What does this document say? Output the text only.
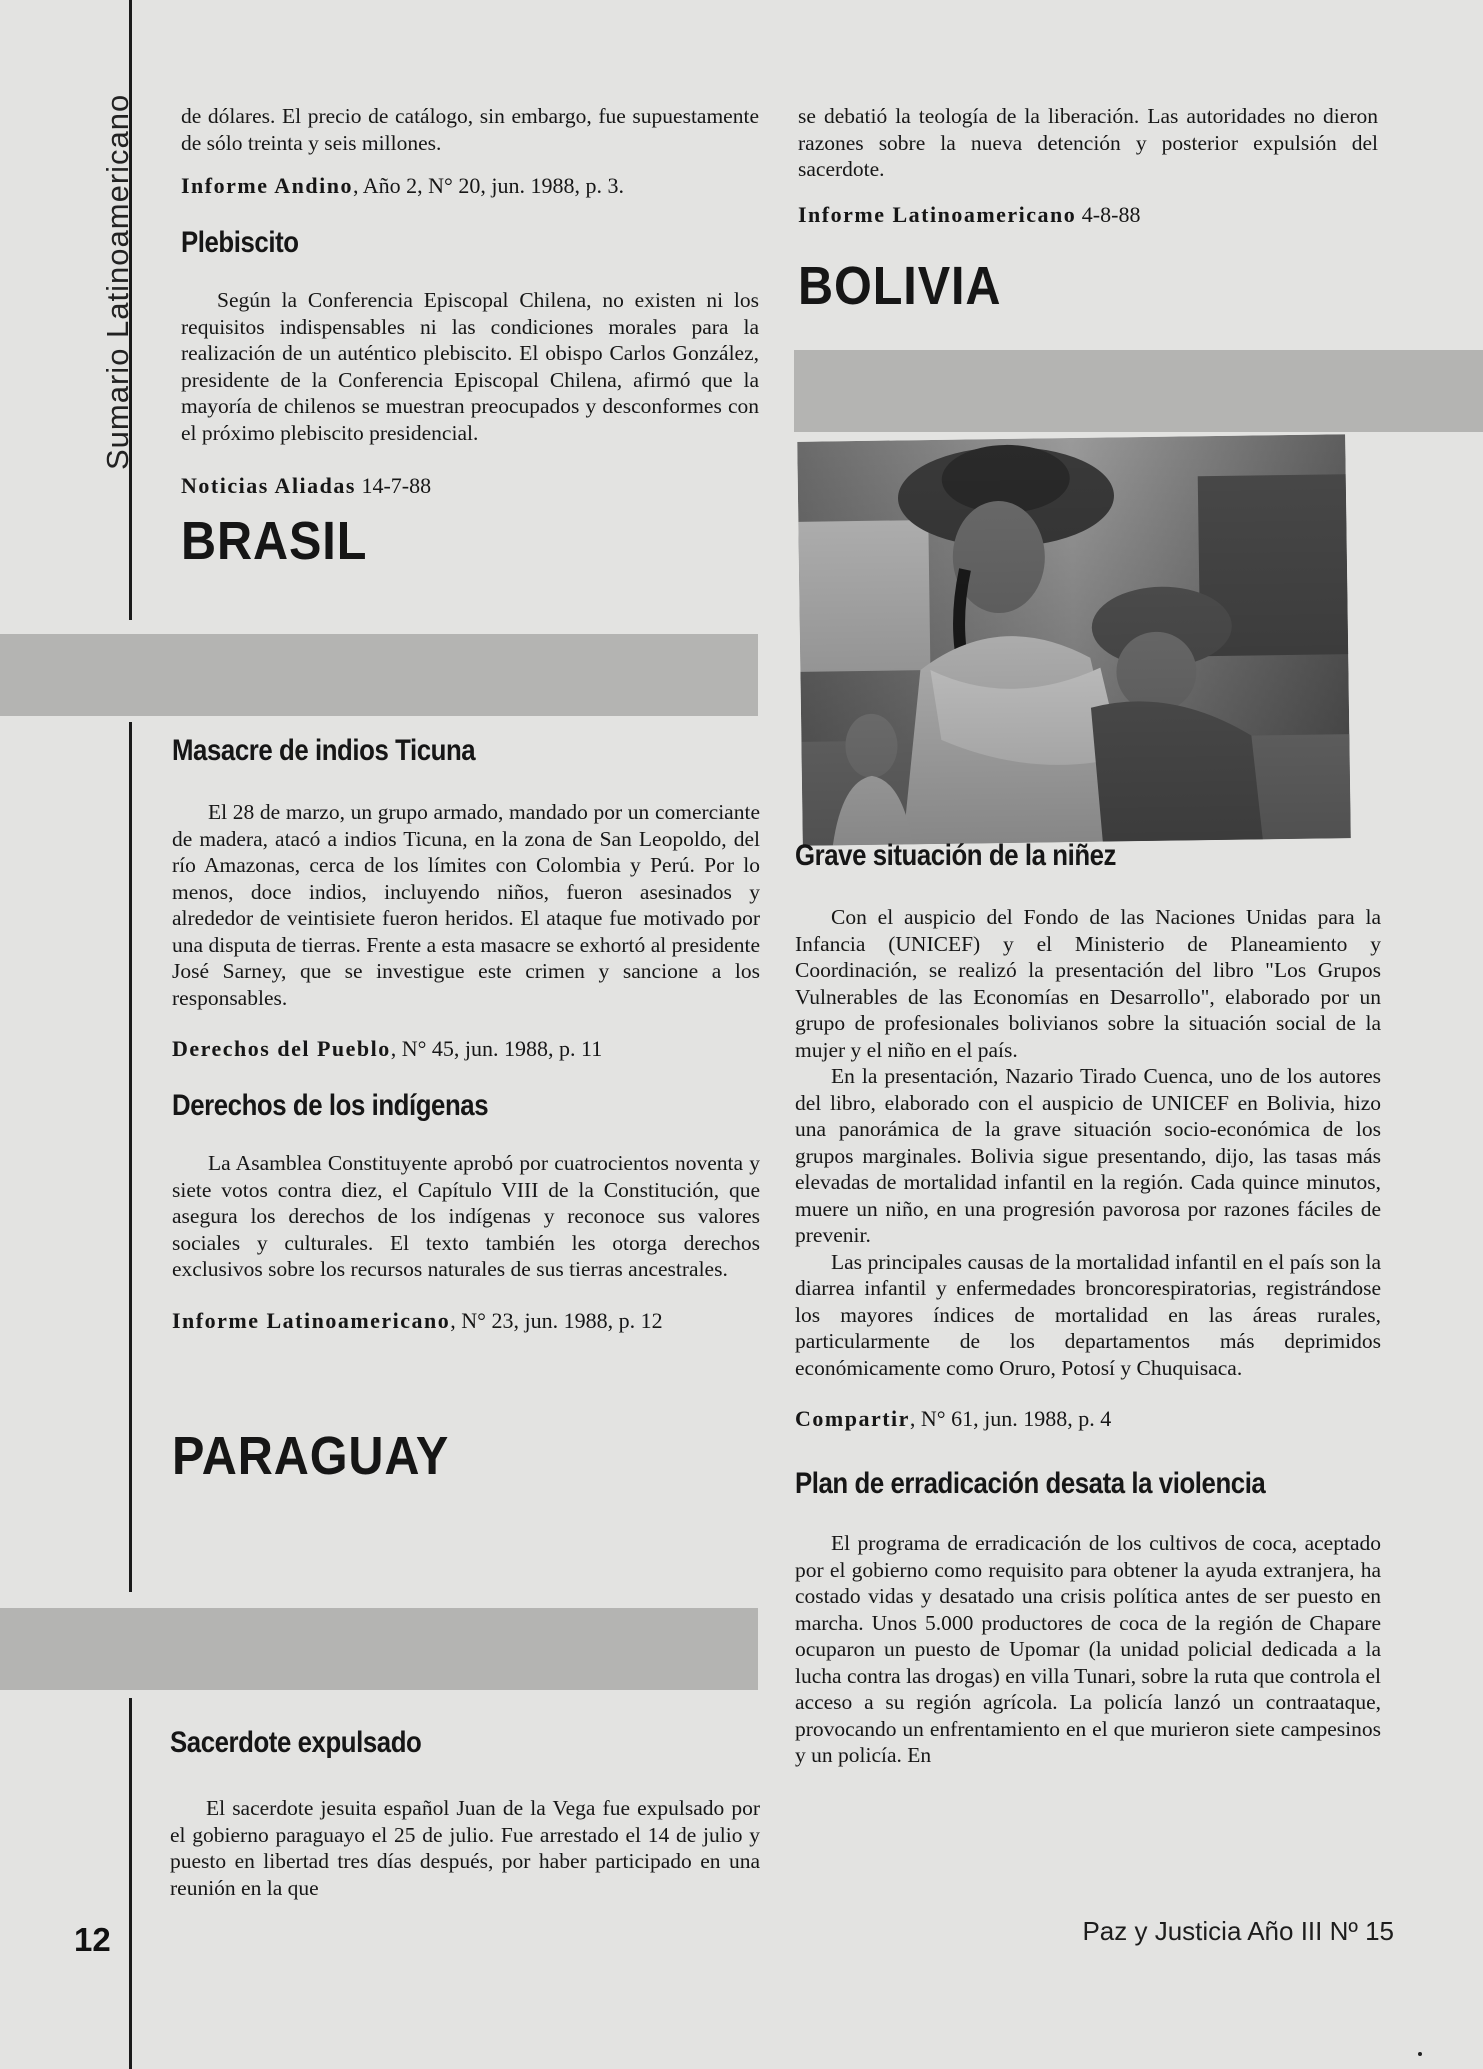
Sumario Latinoamericano de dólares. El precio de catálogo, sin embargo, fue supuestamente de sólo treinta y seis millones.

Informe Andino, Año 2, N° 20, jun. 1988, p. 3.

Plebiscito

Según la Conferencia Episcopal Chilena, no existen ni los requisitos indispensables ni las condiciones morales para la realización de un auténtico plebiscito. El obispo Carlos González, presidente de la Conferencia Episcopal Chilena, afirmó que la mayoría de chilenos se muestran preocupados y desconformes con el próximo plebiscito presidencial.

Noticias Aliadas 14-7-88

BRASIL
Masacre de indios Ticuna

El 28 de marzo, un grupo armado, mandado por un comerciante de madera, atacó a indios Ticuna, en la zona de San Leopoldo, del río Amazonas, cerca de los límites con Colombia y Perú. Por lo menos, doce indios, incluyendo niños, fueron asesinados y alrededor de veintisiete fueron heridos. El ataque fue motivado por una disputa de tierras. Frente a esta masacre se exhortó al presidente José Sarney, que se investigue este crimen y sancione a los responsables.

Derechos del Pueblo, N° 45, jun. 1988, p. 11

Derechos de los indígenas

La Asamblea Constituyente aprobó por cuatrocientos noventa y siete votos contra diez, el Capítulo VIII de la Constitución, que asegura los derechos de los indígenas y reconoce sus valores sociales y culturales. El texto también les otorga derechos exclusivos sobre los recursos naturales de sus tierras ancestrales.

Informe Latinoamericano, N° 23, jun. 1988, p. 12

PARAGUAY
Sacerdote expulsado

El sacerdote jesuita español Juan de la Vega fue expulsado por el gobierno paraguayo el 25 de julio. Fue arrestado el 14 de julio y puesto en libertad tres días después, por haber participado en una reunión en la que

se debatió la teología de la liberación. Las autoridades no dieron razones sobre la nueva detención y posterior expulsión del sacerdote.

Informe Latinoamericano 4-8-88

BOLIVIA
Grave situación de la niñez

Con el auspicio del Fondo de las Naciones Unidas para la Infancia (UNICEF) y el Ministerio de Planeamiento y Coordinación, se realizó la presentación del libro "Los Grupos Vulnerables de las Economías en Desarrollo", elaborado por un grupo de profesionales bolivianos sobre la situación social de la mujer y el niño en el país.

En la presentación, Nazario Tirado Cuenca, uno de los autores del libro, elaborado con el auspicio de UNICEF en Bolivia, hizo una panorámica de la grave situación socio-económica de los grupos marginales. Bolivia sigue presentando, dijo, las tasas más elevadas de mortalidad infantil en la región. Cada quince minutos, muere un niño, en una progresión pavorosa por razones fáciles de prevenir.

Las principales causas de la mortalidad infantil en el país son la diarrea infantil y enfermedades broncorespiratorias, registrándose los mayores índices de mortalidad en las áreas rurales, particularmente de los departamentos más deprimidos económicamente como Oruro, Potosí y Chuquisaca.

Compartir, N° 61, jun. 1988, p. 4

Plan de erradicación desata la violencia

El programa de erradicación de los cultivos de coca, aceptado por el gobierno como requisito para obtener la ayuda extranjera, ha costado vidas y desatado una crisis política antes de ser puesto en marcha. Unos 5.000 productores de coca de la región de Chapare ocuparon un puesto de Upomar (la unidad policial dedicada a la lucha contra las drogas) en villa Tunari, sobre la ruta que controla el acceso a su región agrícola. La policía lanzó un contraataque, provocando un enfrentamiento en el que murieron siete campesinos y un policía. En

12	Paz y Justicia Año III Nº 15
